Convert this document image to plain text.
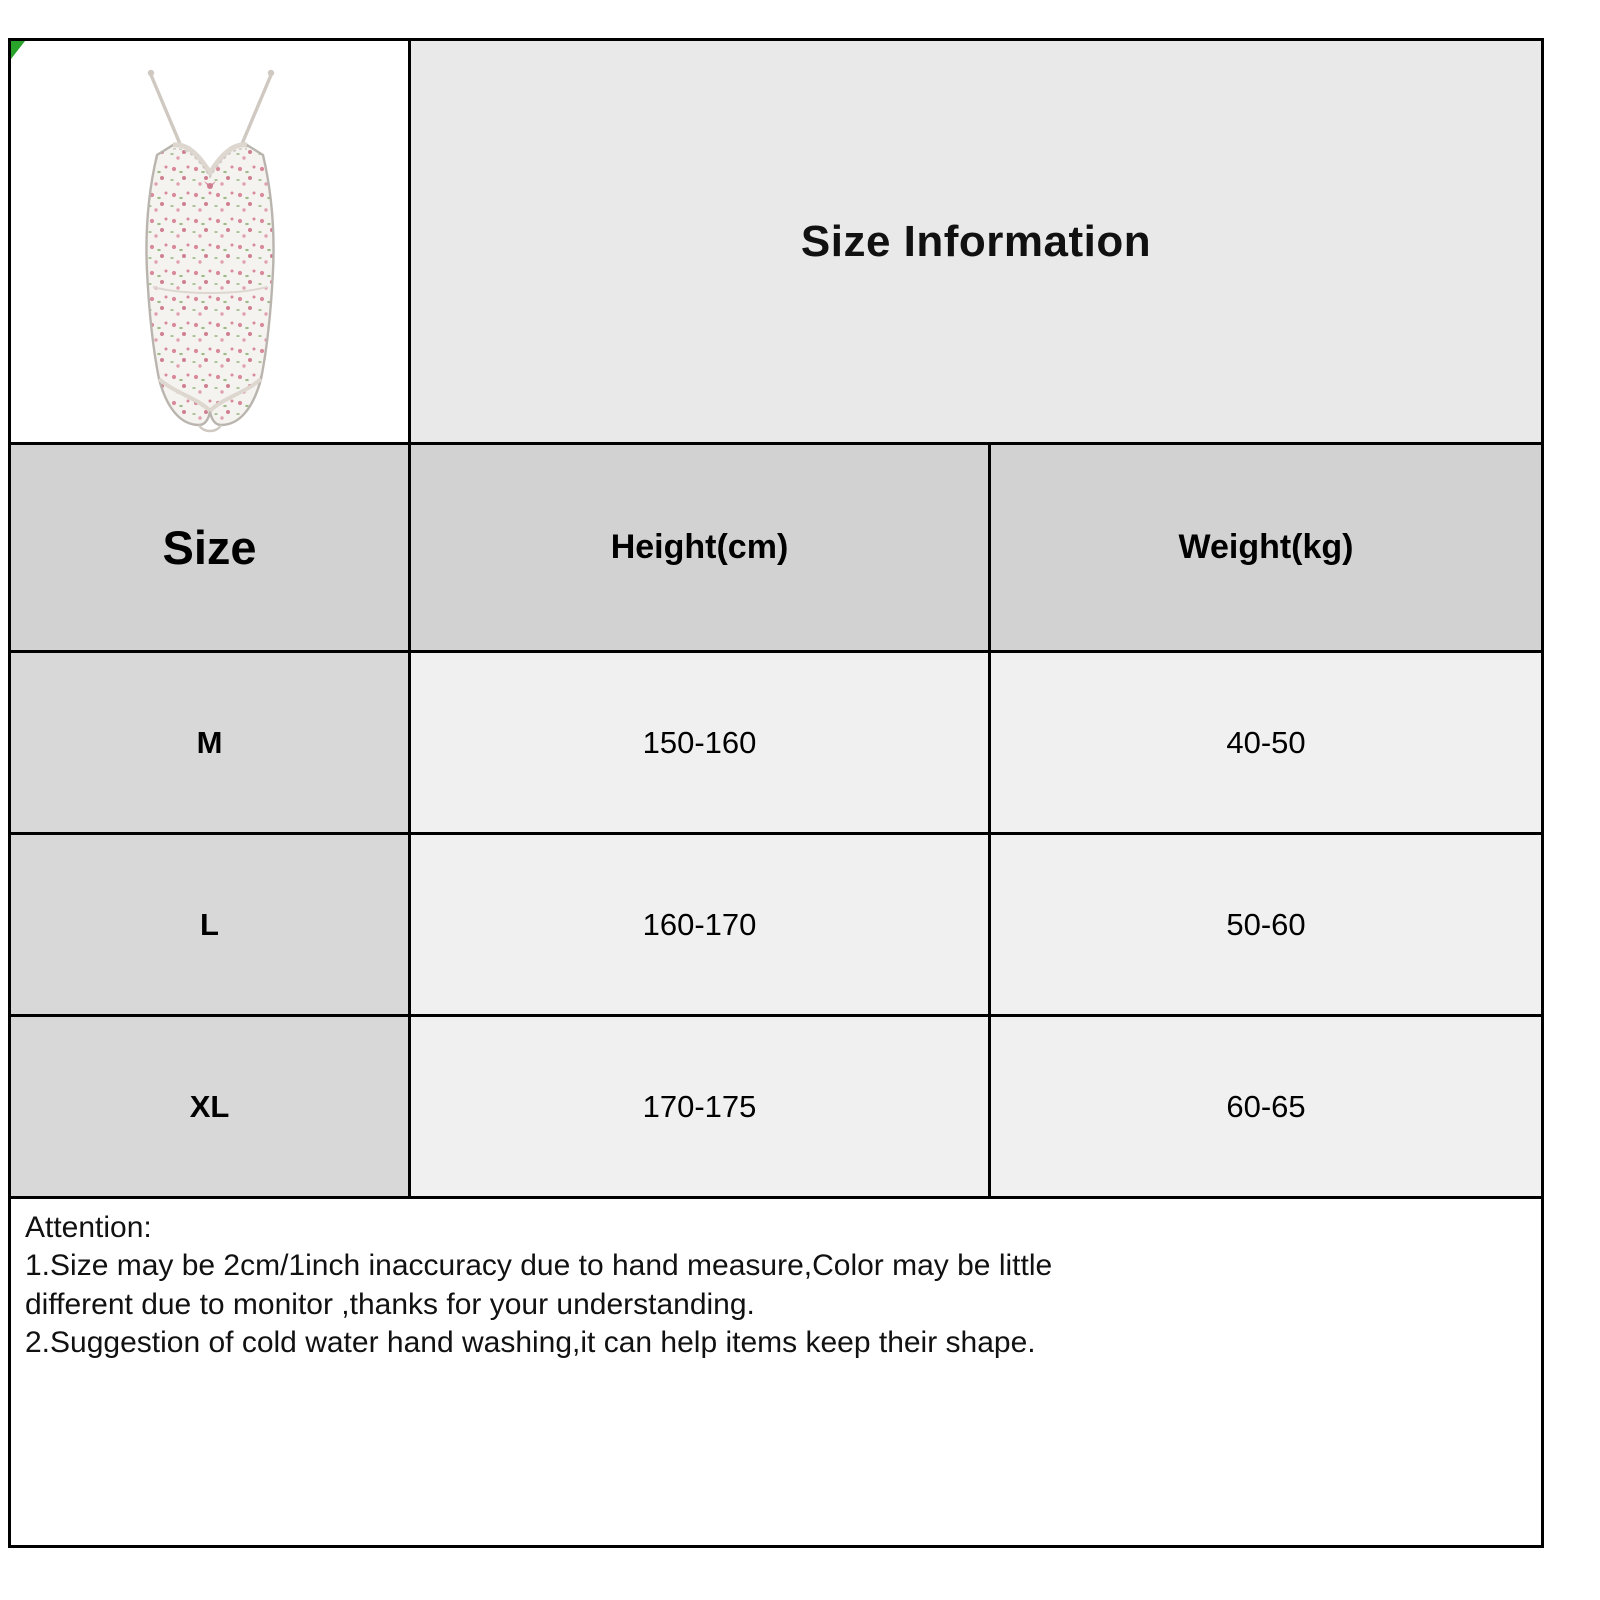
Size Information
Size	Height(cm)	Weight(kg)
M	150-160	40-50
L	160-170	50-60
XL	170-175	60-65
Attention:
1.Size may be 2cm/1inch inaccuracy due to hand measure,Color may be little
different due to monitor ,thanks for your understanding.
2.Suggestion of cold water hand washing,it can help items keep their shape.
